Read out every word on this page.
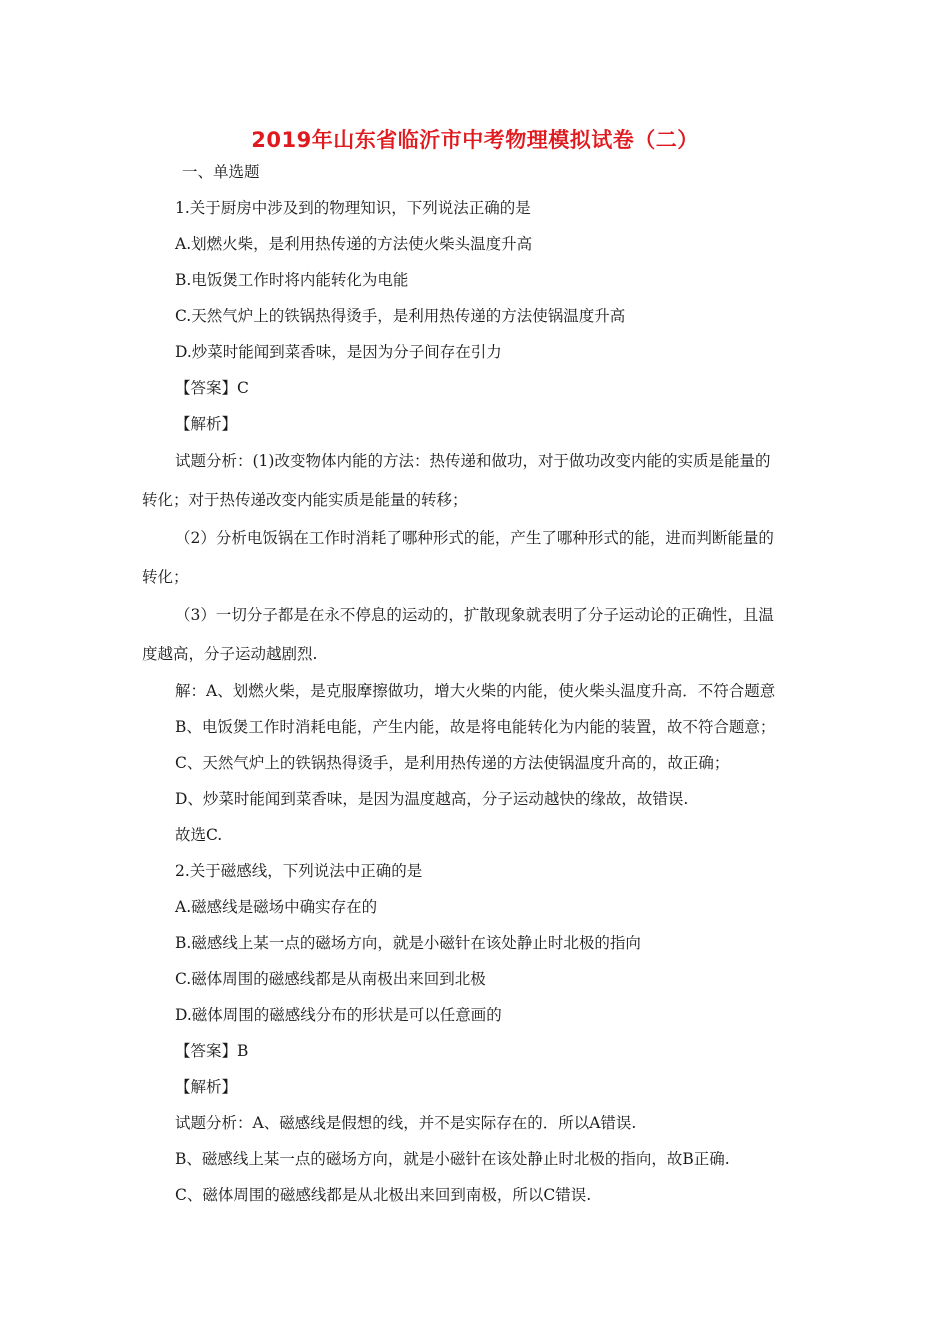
2019年山东省临沂市中考物理模拟试卷（二）
一、单选题
1.关于厨房中涉及到的物理知识，下列说法正确的是
A.划燃火柴，是利用热传递的方法使火柴头温度升高
B.电饭煲工作时将内能转化为电能
C.天然气炉上的铁锅热得烫手，是利用热传递的方法使锅温度升高
D.炒菜时能闻到菜香味，是因为分子间存在引力
【答案】C
【解析】
试题分析：(1)改变物体内能的方法：热传递和做功，对于做功改变内能的实质是能量的
转化；对于热传递改变内能实质是能量的转移；
（2）分析电饭锅在工作时消耗了哪种形式的能，产生了哪种形式的能，进而判断能量的
转化；
（3）一切分子都是在永不停息的运动的，扩散现象就表明了分子运动论的正确性，且温
度越高，分子运动越剧烈.
解：A、划燃火柴，是克服摩擦做功，增大火柴的内能，使火柴头温度升高．不符合题意
B、电饭煲工作时消耗电能，产生内能，故是将电能转化为内能的装置，故不符合题意；
C、天然气炉上的铁锅热得烫手，是利用热传递的方法使锅温度升高的，故正确；
D、炒菜时能闻到菜香味，是因为温度越高，分子运动越快的缘故，故错误.
故选C.
2.关于磁感线，下列说法中正确的是
A.磁感线是磁场中确实存在的
B.磁感线上某一点的磁场方向，就是小磁针在该处静止时北极的指向
C.磁体周围的磁感线都是从南极出来回到北极
D.磁体周围的磁感线分布的形状是可以任意画的
【答案】B
【解析】
试题分析：A、磁感线是假想的线，并不是实际存在的．所以A错误.
B、磁感线上某一点的磁场方向，就是小磁针在该处静止时北极的指向，故B正确.
C、磁体周围的磁感线都是从北极出来回到南极，所以C错误.
